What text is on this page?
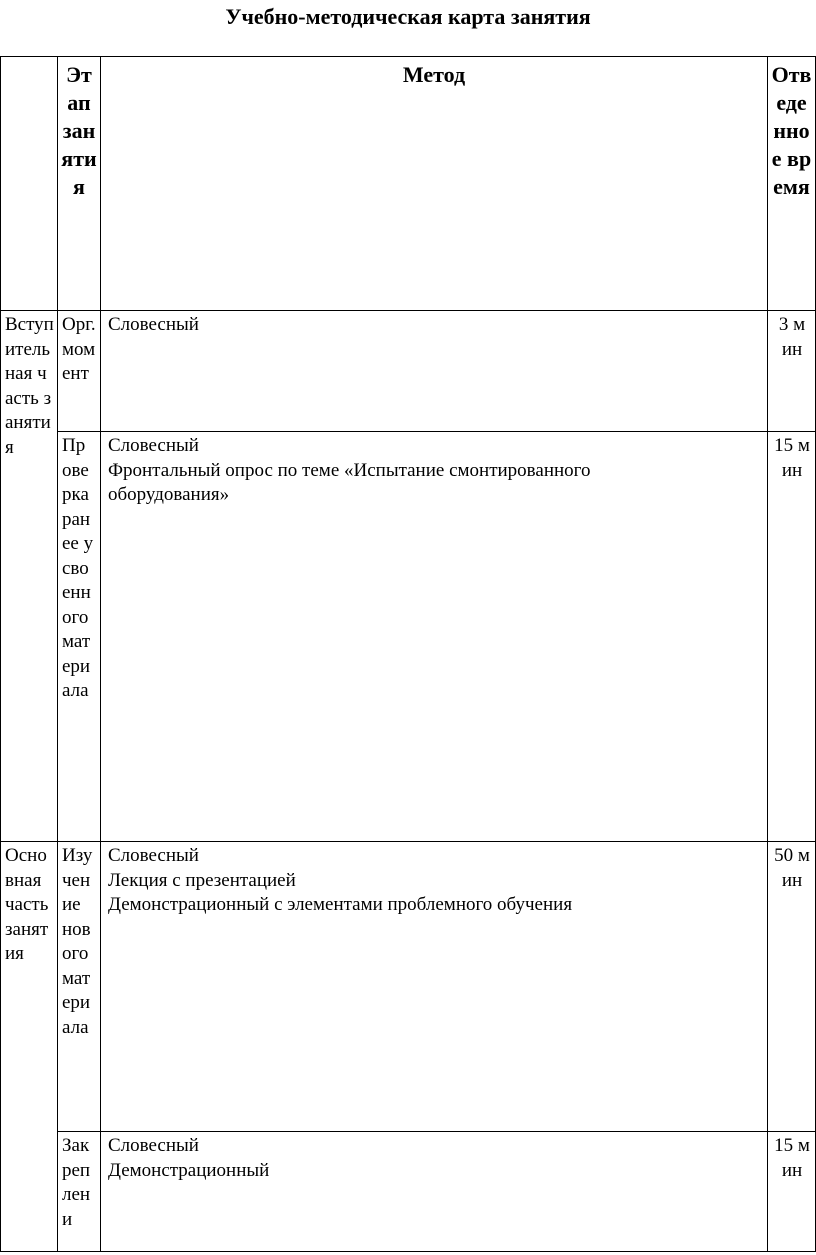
Учебно-методическая карта занятия
Этап занятия
Метод	Отведенное время
Вступительная часть занятия
Основная часть занятия
Орг. момент
Словесный	3 мин
Проверка ранее усвоенного материала
Словесный
Фронтальный опрос по теме «Испытание смонтированного
оборудования»
15 мин
Изучение нового материала
Словесный
Лекция с презентацией
Демонстрационный с элементами проблемного обучения
50 мин
Закреплени
Словесный
Демонстрационный
15 мин
